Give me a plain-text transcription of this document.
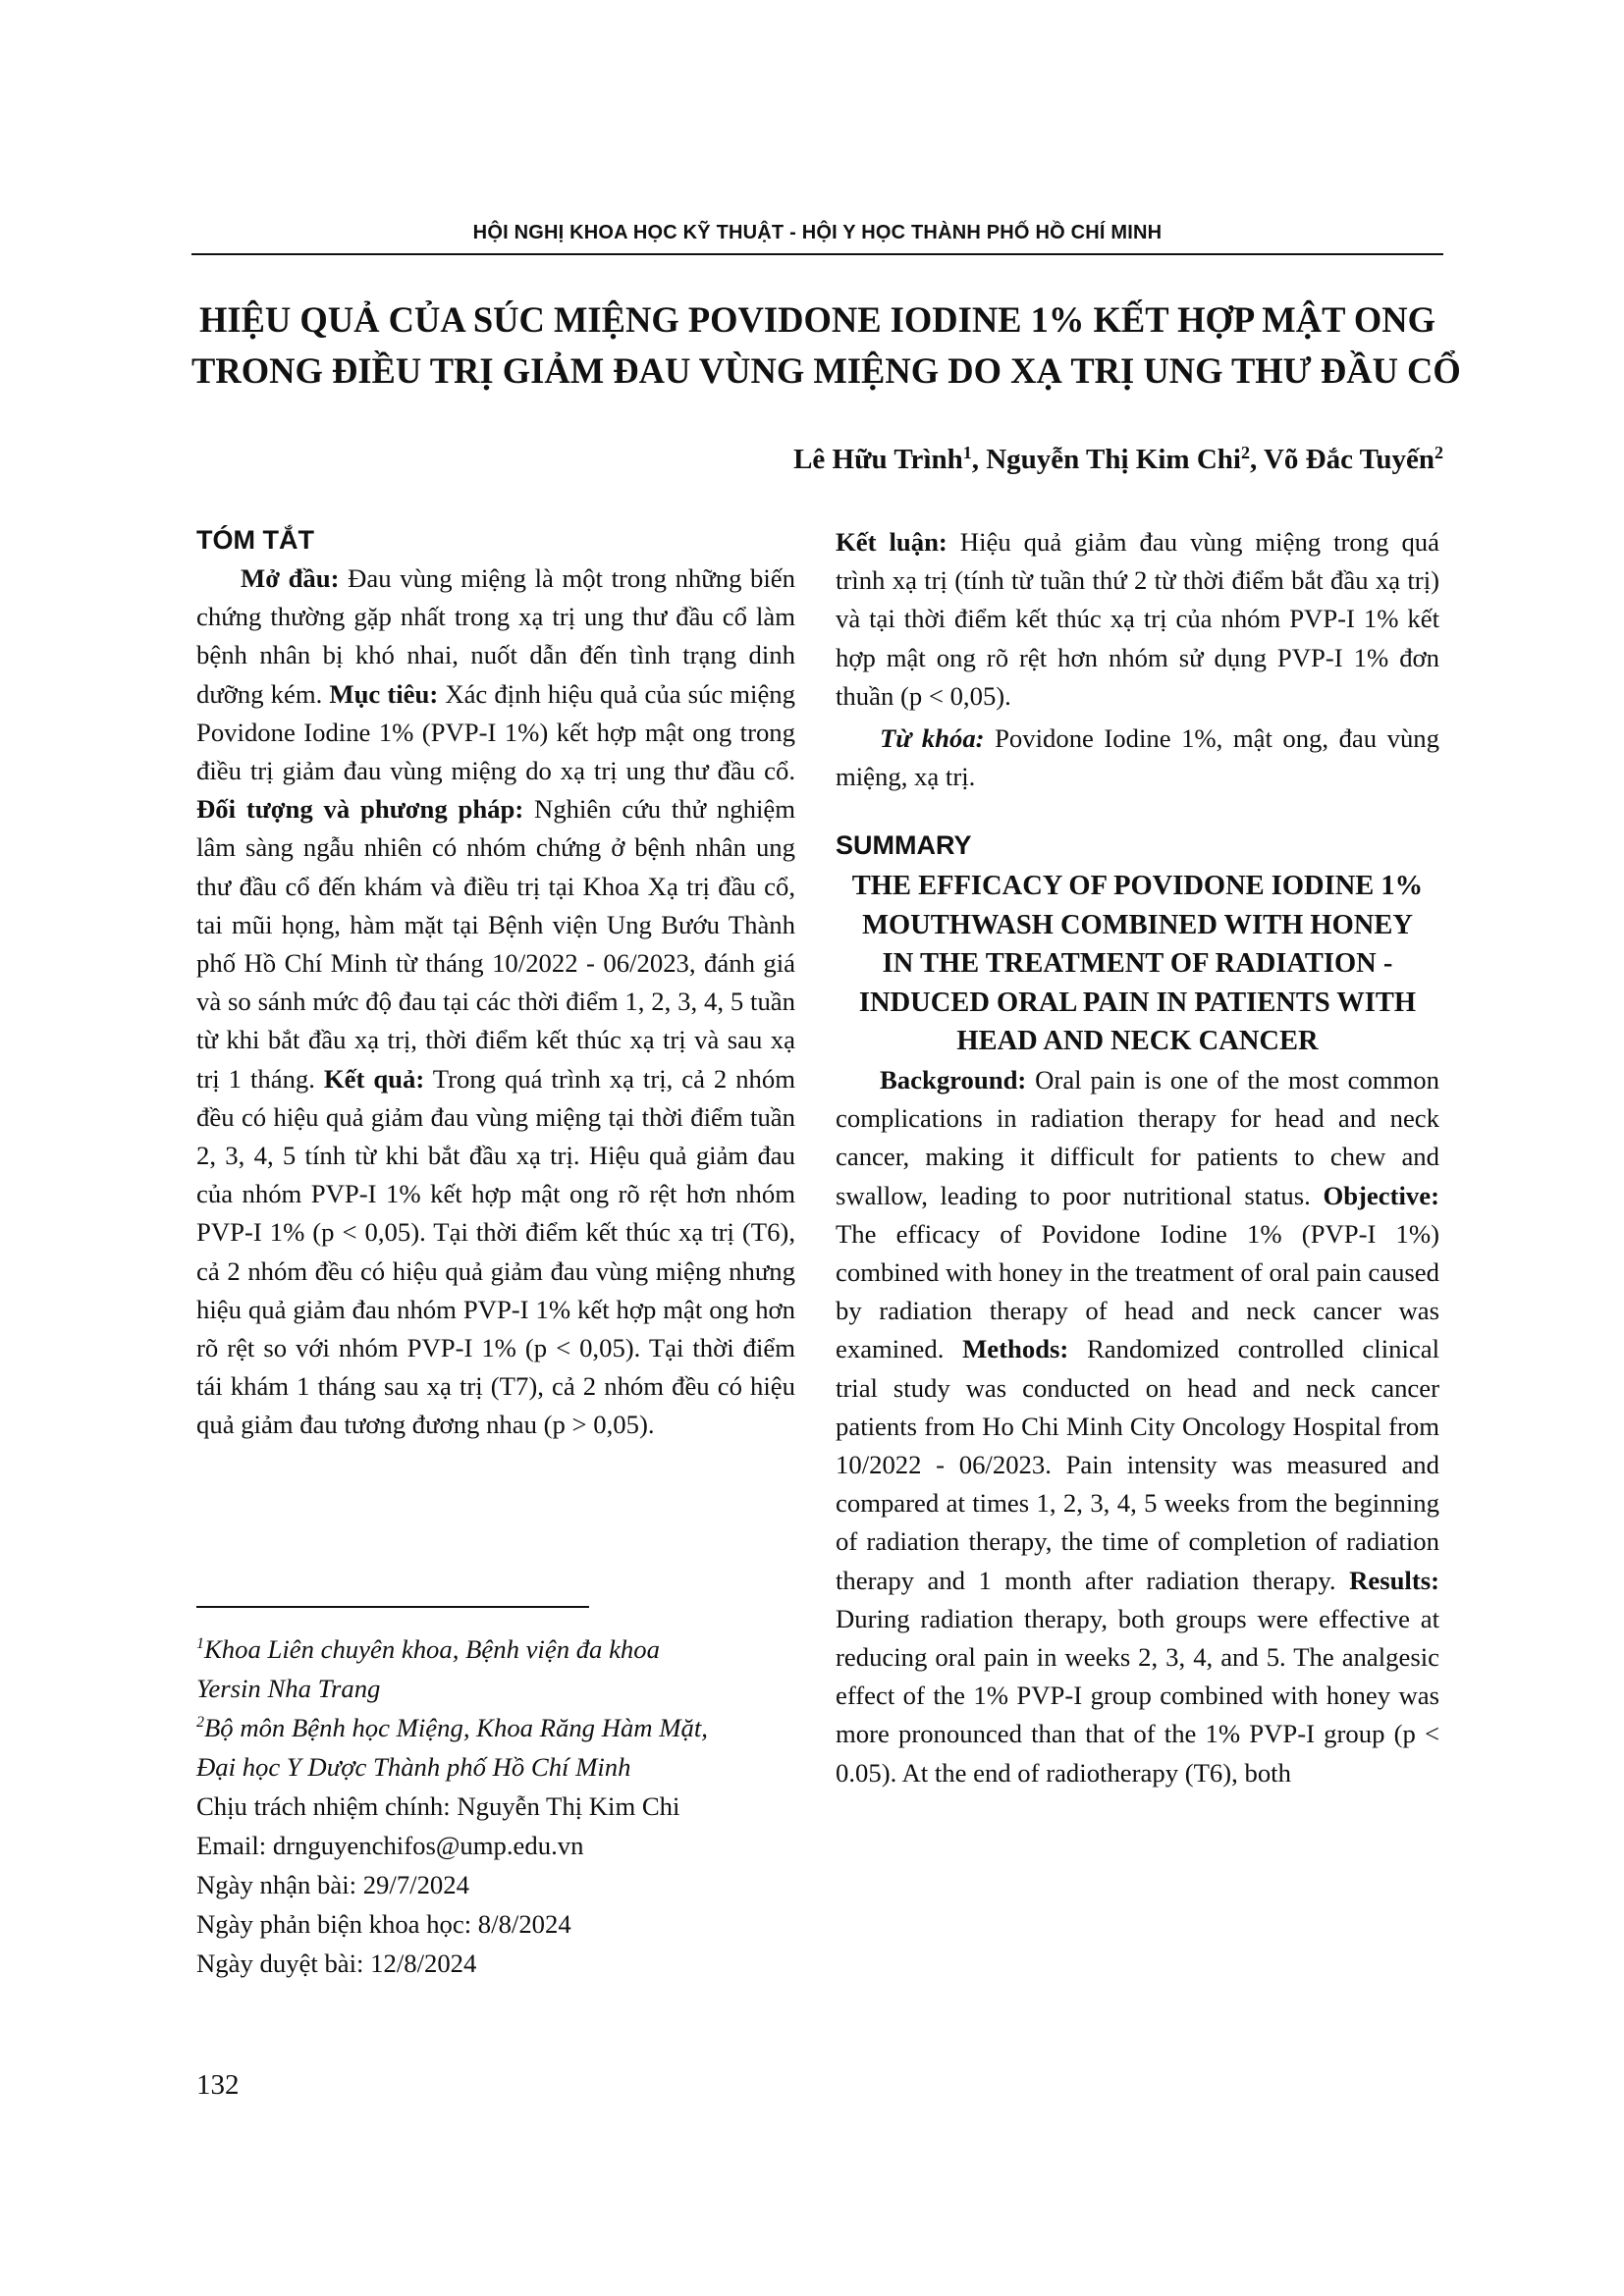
HỘI NGHỊ KHOA HỌC KỸ THUẬT - HỘI Y HỌC THÀNH PHỐ HỒ CHÍ MINH
HIỆU QUẢ CỦA SÚC MIỆNG POVIDONE IODINE 1% KẾT HỢP MẬT ONG
TRONG ĐIỀU TRỊ GIẢM ĐAU VÙNG MIỆNG DO XẠ TRỊ UNG THƯ ĐẦU CỔ
Lê Hữu Trình$^1$, Nguyễn Thị Kim Chi$^2$, Võ Đắc Tuyến$^2$
TÓM TẮT

Mở đầu: Đau vùng miệng là một trong những biến chứng thường gặp nhất trong xạ trị ung thư đầu cổ làm bệnh nhân bị khó nhai, nuốt dẫn đến tình trạng dinh dưỡng kém. Mục tiêu: Xác định hiệu quả của súc miệng Povidone Iodine 1% (PVP-I 1%) kết hợp mật ong trong điều trị giảm đau vùng miệng do xạ trị ung thư đầu cổ. Đối tượng và phương pháp: Nghiên cứu thử nghiệm lâm sàng ngẫu nhiên có nhóm chứng ở bệnh nhân ung thư đầu cổ đến khám và điều trị tại Khoa Xạ trị đầu cổ, tai mũi họng, hàm mặt tại Bệnh viện Ung Bướu Thành phố Hồ Chí Minh từ tháng 10/2022 - 06/2023, đánh giá và so sánh mức độ đau tại các thời điểm 1, 2, 3, 4, 5 tuần từ khi bắt đầu xạ trị, thời điểm kết thúc xạ trị và sau xạ trị 1 tháng. Kết quả: Trong quá trình xạ trị, cả 2 nhóm đều có hiệu quả giảm đau vùng miệng tại thời điểm tuần 2, 3, 4, 5 tính từ khi bắt đầu xạ trị. Hiệu quả giảm đau của nhóm PVP-I 1% kết hợp mật ong rõ rệt hơn nhóm PVP-I 1% (p < 0,05). Tại thời điểm kết thúc xạ trị (T6), cả 2 nhóm đều có hiệu quả giảm đau vùng miệng nhưng hiệu quả giảm đau nhóm PVP-I 1% kết hợp mật ong hơn rõ rệt so với nhóm PVP-I 1% (p < 0,05). Tại thời điểm tái khám 1 tháng sau xạ trị (T7), cả 2 nhóm đều có hiệu quả giảm đau tương đương nhau (p > 0,05).

$^1$Khoa Liên chuyên khoa, Bệnh viện đa khoa
Yersin Nha Trang
$^2$Bộ môn Bệnh học Miệng, Khoa Răng Hàm Mặt,
Đại học Y Dược Thành phố Hồ Chí Minh
Chịu trách nhiệm chính: Nguyễn Thị Kim Chi
Email: drnguyenchifos@ump.edu.vn
Ngày nhận bài: 29/7/2024
Ngày phản biện khoa học: 8/8/2024
Ngày duyệt bài: 12/8/2024

Kết luận: Hiệu quả giảm đau vùng miệng trong quá trình xạ trị (tính từ tuần thứ 2 từ thời điểm bắt đầu xạ trị) và tại thời điểm kết thúc xạ trị của nhóm PVP-I 1% kết hợp mật ong rõ rệt hơn nhóm sử dụng PVP-I 1% đơn thuần (p < 0,05).

Từ khóa: Povidone Iodine 1%, mật ong, đau vùng miệng, xạ trị.

SUMMARY
THE EFFICACY OF POVIDONE IODINE 1% MOUTHWASH COMBINED WITH HONEY IN THE TREATMENT OF RADIATION - INDUCED ORAL PAIN IN PATIENTS WITH HEAD AND NECK CANCER

Background: Oral pain is one of the most common complications in radiation therapy for head and neck cancer, making it difficult for patients to chew and swallow, leading to poor nutritional status. Objective: The efficacy of Povidone Iodine 1% (PVP-I 1%) combined with honey in the treatment of oral pain caused by radiation therapy of head and neck cancer was examined. Methods: Randomized controlled clinical trial study was conducted on head and neck cancer patients from Ho Chi Minh City Oncology Hospital from 10/2022 - 06/2023. Pain intensity was measured and compared at times 1, 2, 3, 4, 5 weeks from the beginning of radiation therapy, the time of completion of radiation therapy and 1 month after radiation therapy. Results: During radiation therapy, both groups were effective at reducing oral pain in weeks 2, 3, 4, and 5. The analgesic effect of the 1% PVP-I group combined with honey was more pronounced than that of the 1% PVP-I group (p < 0.05). At the end of radiotherapy (T6), both

132
